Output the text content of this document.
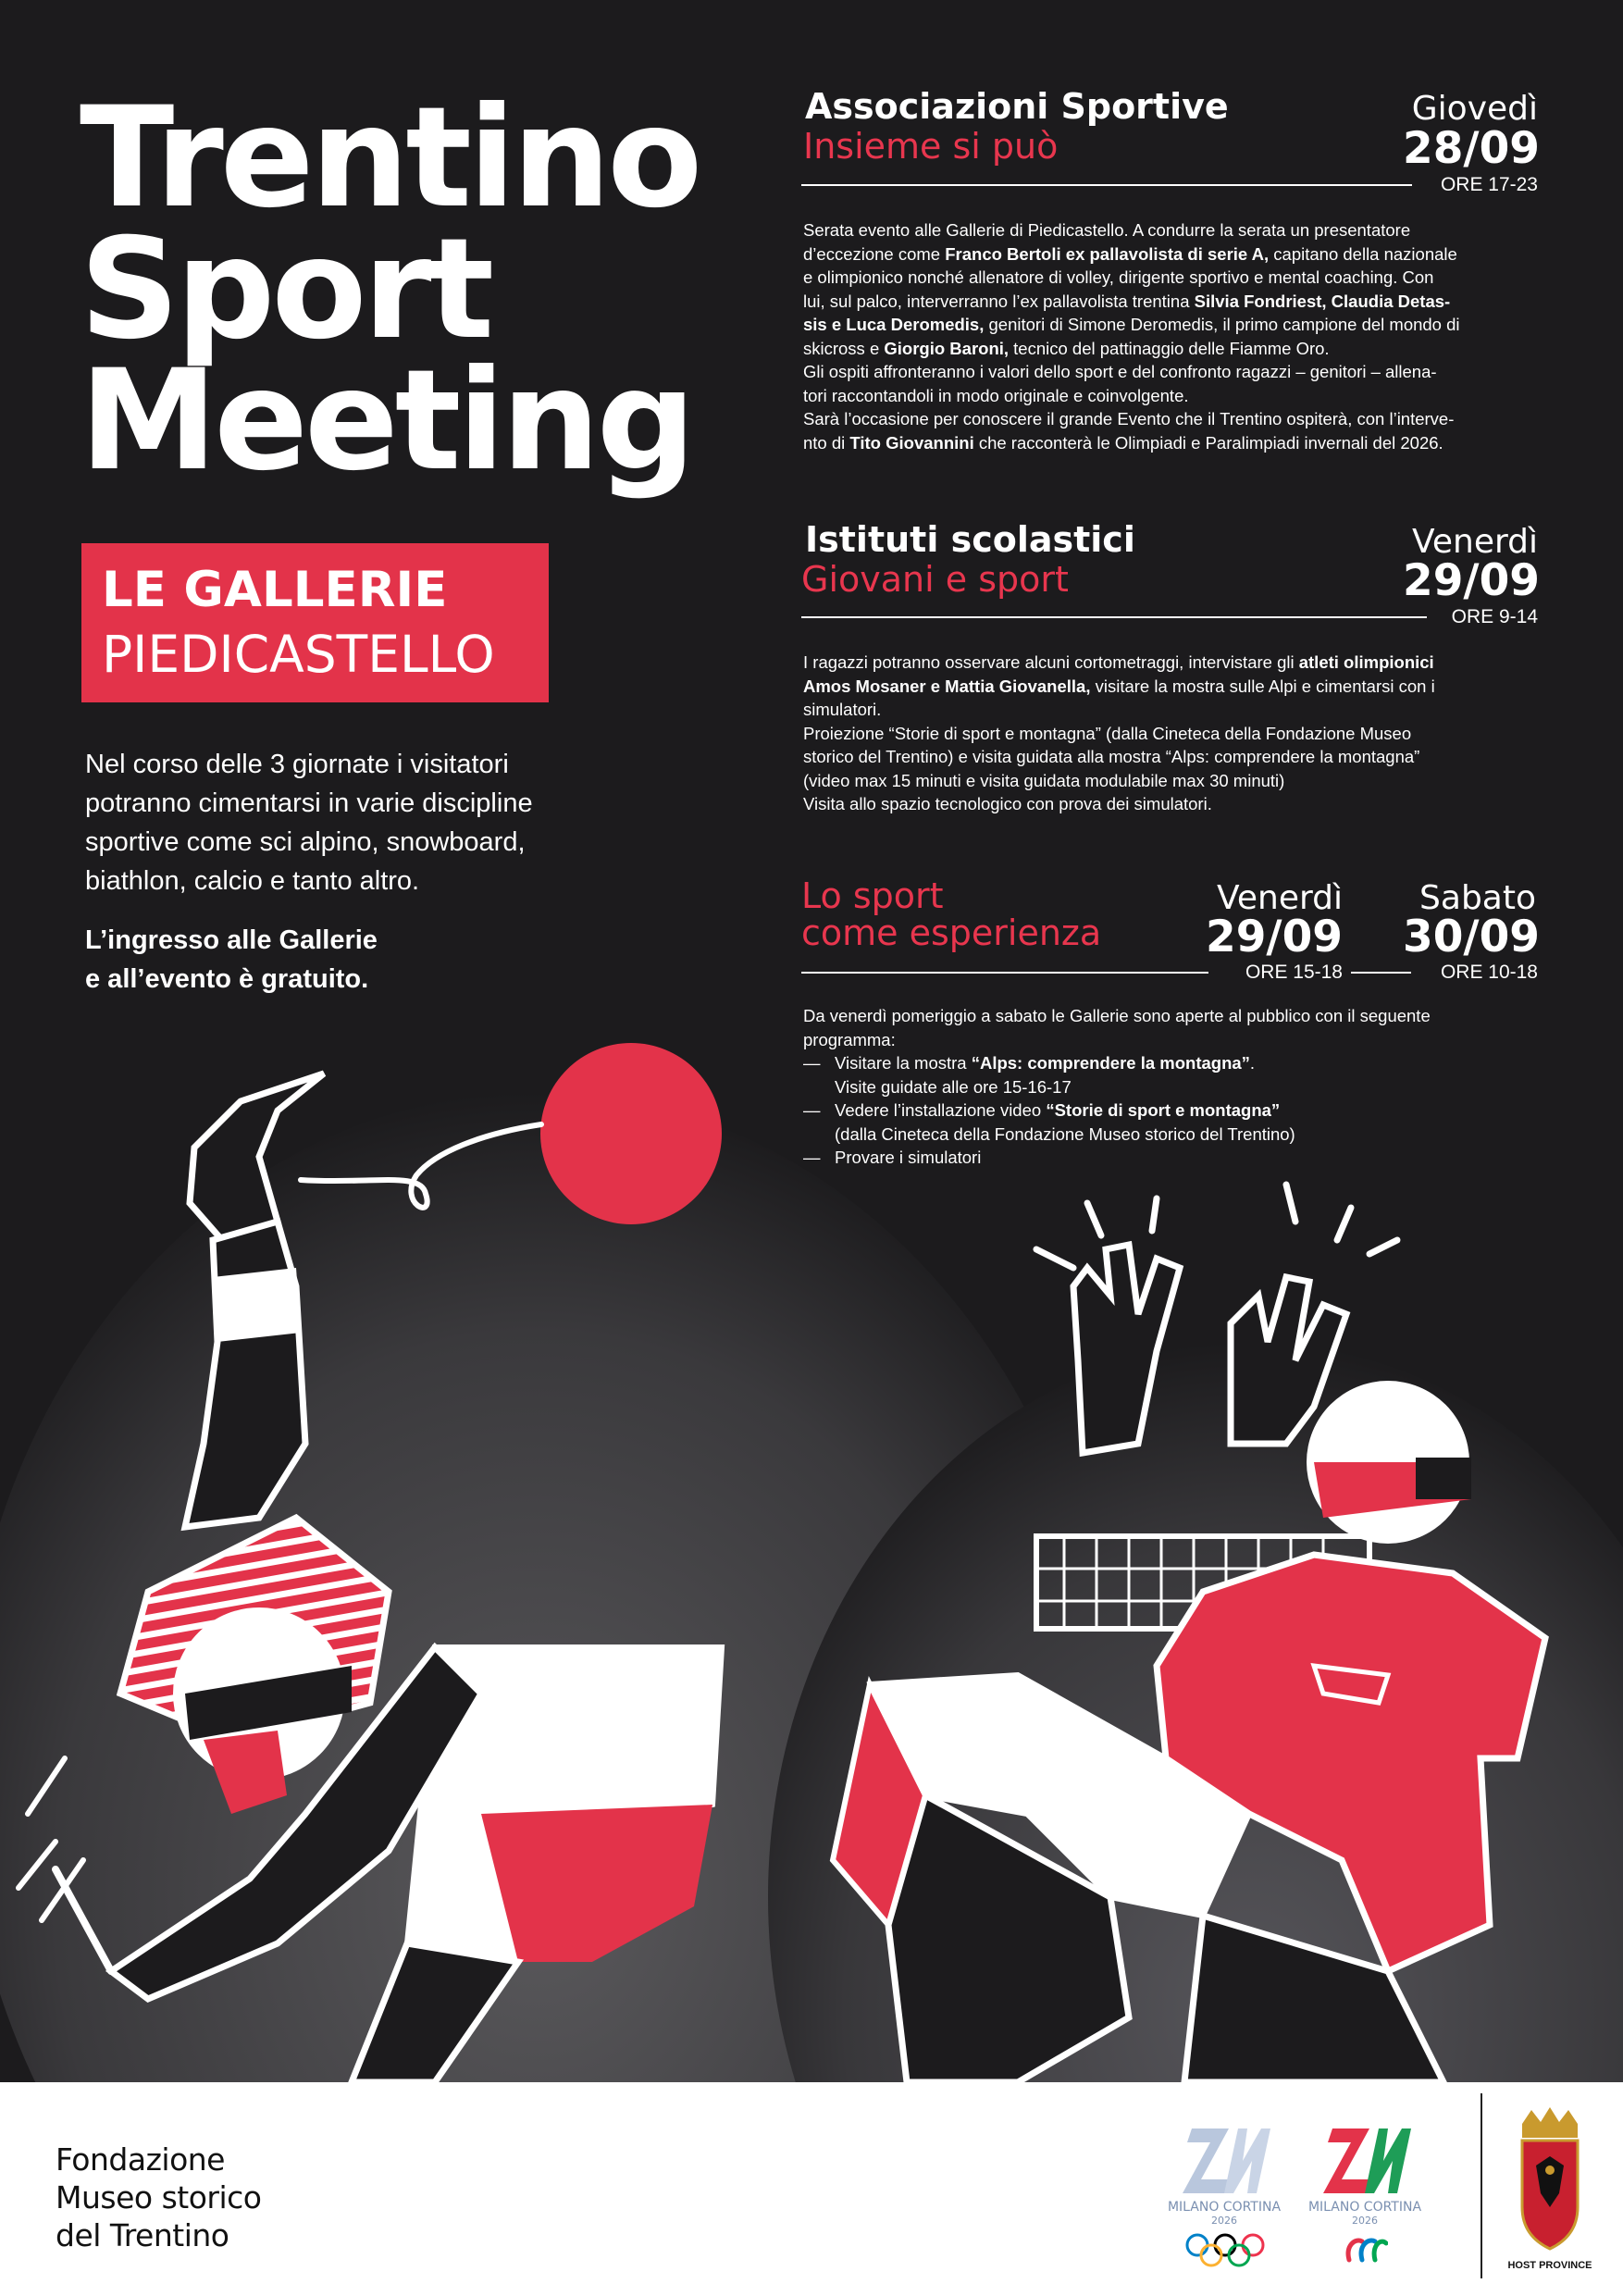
Trentino
Sport
Meeting
LE GALLERIE
PIEDICASTELLO

Nel corso delle 3 giornate i visitatori

potranno cimentarsi in varie discipline

sportive come sci alpino, snowboard,

biathlon, calcio e tanto altro.

L’ingresso alle Gallerie
e all’evento è gratuito.
Associazioni Sportive
Insieme si può
Giovedì
28/09
ORE 17-23

Serata evento alle Gallerie di Piedicastello. A condurre la serata un presentatore

d’eccezione come Franco Bertoli ex pallavolista di serie A, capitano della nazionale

e olimpionico nonché allenatore di volley, dirigente sportivo e mental coaching. Con

lui, sul palco, interverranno l’ex pallavolista trentina Silvia Fondriest, Claudia Detas-

sis e Luca Deromedis, genitori di Simone Deromedis, il primo campione del mondo di

skicross e Giorgio Baroni, tecnico del pattinaggio delle Fiamme Oro.

Gli ospiti affronteranno i valori dello sport e del confronto ragazzi – genitori – allena-

tori raccontandoli in modo originale e coinvolgente.

Sarà l’occasione per conoscere il grande Evento che il Trentino ospiterà, con l’interve-

nto di Tito Giovannini che racconterà le Olimpiadi e Paralimpiadi invernali del 2026.

Istituti scolastici
Giovani e sport
Venerdì
29/09
ORE 9-14

I ragazzi potranno osservare alcuni cortometraggi, intervistare gli atleti olimpionici

Amos Mosaner e Mattia Giovanella, visitare la mostra sulle Alpi e cimentarsi con i

simulatori.

Proiezione “Storie di sport e montagna” (dalla Cineteca della Fondazione Museo

storico del Trentino) e visita guidata alla mostra “Alps: comprendere la montagna”

(video max 15 minuti e visita guidata modulabile max 30 minuti)

Visita allo spazio tecnologico con prova dei simulatori.

Lo sport
come esperienza
Venerdì
29/09
Sabato
30/09
ORE 15-18	ORE 10-18

Da venerdì pomeriggio a sabato le Gallerie sono aperte al pubblico con il seguente

programma:

— Visitare la mostra “Alps: comprendere la montagna”.
Visite guidate alle ore 15-16-17
— Vedere l’installazione video “Storie di sport e montagna”
(dalla Cineteca della Fondazione Museo storico del Trentino)
— Provare i simulatori
Fondazione
Museo storico
del Trentino
MILANO CORTINA
2026
MILANO CORTINA
2026
HOST PROVINCE
